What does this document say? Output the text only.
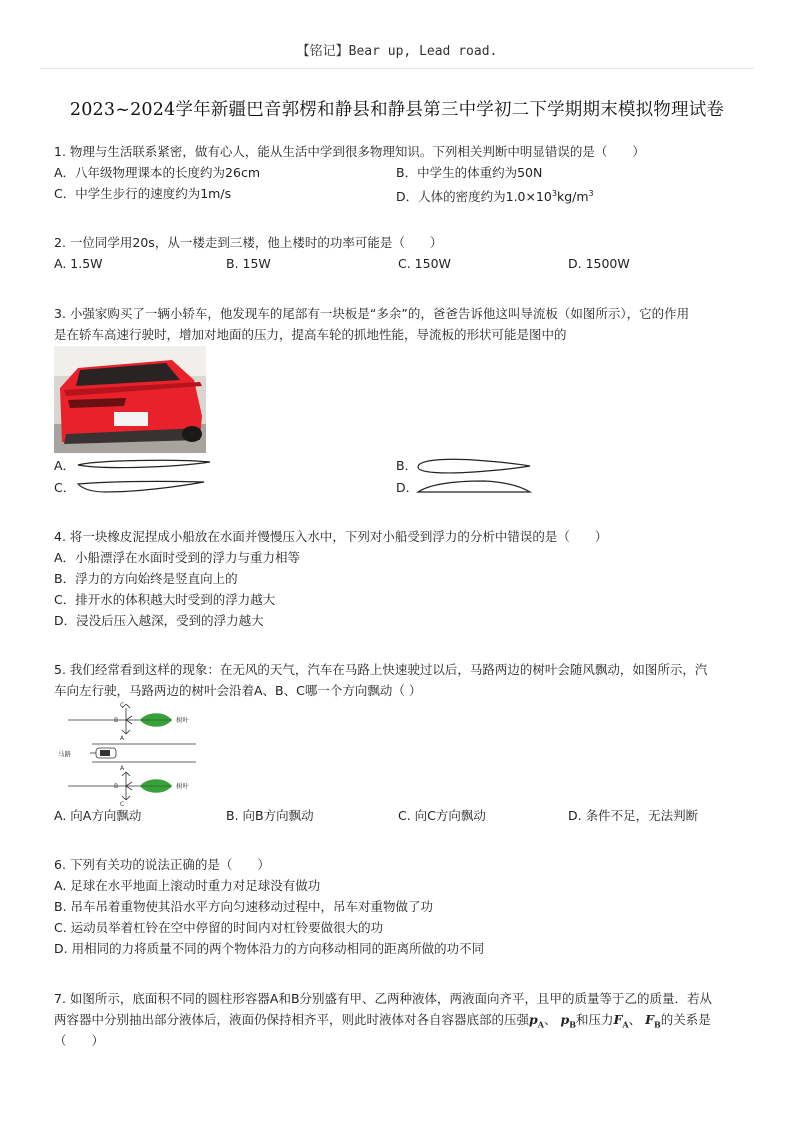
【铭记】Bear up, Lead road.
2023~2024学年新疆巴音郭楞和静县和静县第三中学初二下学期期末模拟物理试卷
1. 物理与生活联系紧密，做有心人，能从生活中学到很多物理知识。下列相关判断中明显错误的是（　　）
A．八年级物理课本的长度约为26cm	B．中学生的体重约为50N
C．中学生步行的速度约为1m/s	D．人体的密度约为$1.0\times 10^3kg/m^3$
2. 一位同学用20s，从一楼走到三楼，他上楼时的功率可能是（　　）
A. 1.5W	B. 15W	C. 150W	D. 1500W
3. 小强家购买了一辆小轿车，他发现车的尾部有一块板是“多余”的，爸爸告诉他这叫导流板（如图所示），它的作用
是在轿车高速行驶时，增加对地面的压力，提高车轮的抓地性能，导流板的形状可能是图中的
A．	B．
C．	D．
4. 将一块橡皮泥捏成小船放在水面并慢慢压入水中，下列对小船受到浮力的分析中错误的是（　　）
A．小船漂浮在水面时受到的浮力与重力相等
B．浮力的方向始终是竖直向上的
C．排开水的体积越大时受到的浮力越大
D．浸没后压入越深，受到的浮力越大
5. 我们经常看到这样的现象：在无风的天气，汽车在马路上快速驶过以后，马路两边的树叶会随风飘动，如图所示，汽
车向左行驶，马路两边的树叶会沿着A、B、C哪一个方向飘动（ ）
C
B
A
树叶
马路
A
B
C
树叶
A. 向A方向飘动	B. 向B方向飘动	C. 向C方向飘动	D. 条件不足，无法判断
6. 下列有关功的说法正确的是（　　）
A. 足球在水平地面上滚动时重力对足球没有做功
B. 吊车吊着重物使其沿水平方向匀速移动过程中，吊车对重物做了功
C. 运动员举着杠铃在空中停留的时间内对杠铃要做很大的功
D. 用相同的力将质量不同的两个物体沿力的方向移动相同的距离所做的功不同
7. 如图所示，底面积不同的圆柱形容器A和B分别盛有甲、乙两种液体，两液面向齐平，且甲的质量等于乙的质量．若从
两容器中分别抽出部分液体后，液面仍保持相齐平，则此时液体对各自容器底部的压强$p_A$、 $p_B$和压力$F_A$、 $F_B$的关系是
（　　）
